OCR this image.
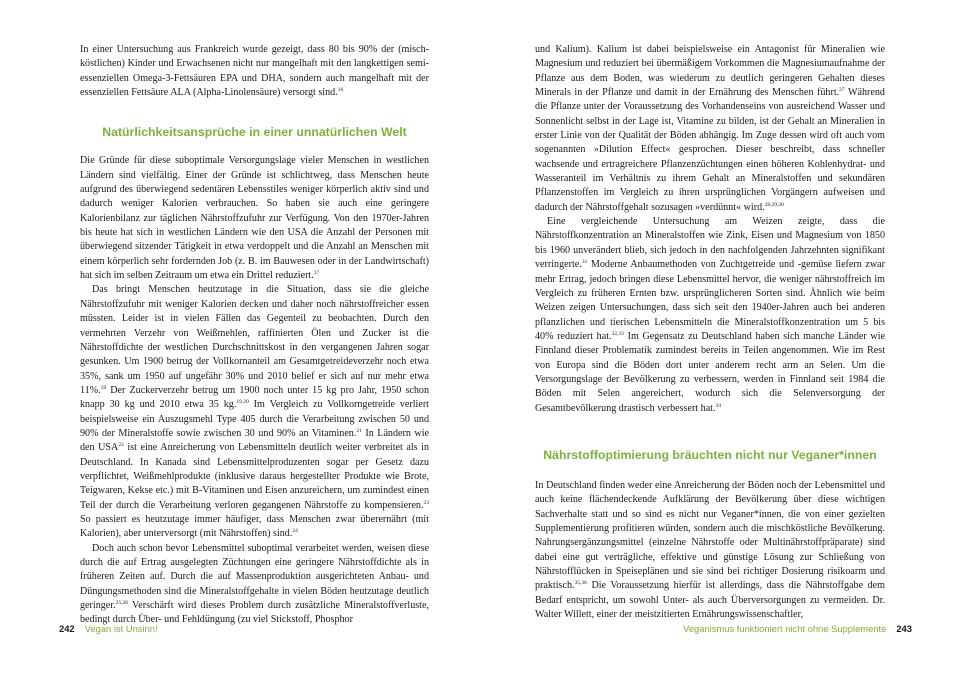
In einer Untersuchung aus Frankreich wurde gezeigt, dass 80 bis 90% der (misch-köstlichen) Kinder und Erwachsenen nicht nur mangelhaft mit den langkettigen semi-essenziellen Omega-3-Fettsäuren EPA und DHA, sondern auch mangelhaft mit der essenziellen Fettsäure ALA (Alpha-Linolensäure) versorgt sind.$^{16}$

Natürlichkeitsansprüche in einer unnatürlichen Welt

Die Gründe für diese suboptimale Versorgungslage vieler Menschen in westlichen Ländern sind vielfältig. Einer der Gründe ist schlichtweg, dass Menschen heute aufgrund des überwiegend sedentären Lebensstiles weniger körperlich aktiv sind und dadurch weniger Kalorien verbrauchen. So haben sie auch eine geringere Kalorienbilanz zur täglichen Nährstoffzufuhr zur Verfügung. Von den 1970er-Jahren bis heute hat sich in westlichen Ländern wie den USA die Anzahl der Personen mit überwiegend sitzender Tätigkeit in etwa verdoppelt und die Anzahl an Menschen mit einem körperlich sehr fordernden Job (z. B. im Bauwesen oder in der Landwirtschaft) hat sich im selben Zeitraum um etwa ein Drittel reduziert.$^{17}$

Das bringt Menschen heutzutage in die Situation, dass sie die gleiche Nährstoffzufuhr mit weniger Kalorien decken und daher noch nährstoffreicher essen müssten. Leider ist in vielen Fällen das Gegenteil zu beobachten. Durch den vermehrten Verzehr von Weißmehlen, raffinierten Ölen und Zucker ist die Nährstoffdichte der westlichen Durchschnittskost in den vergangenen Jahren sogar gesunken. Um 1900 betrug der Vollkornanteil am Gesamtgetreideverzehr noch etwa 35%, sank um 1950 auf ungefähr 30% und 2010 belief er sich auf nur mehr etwa 11%.$^{18}$ Der Zuckerverzehr betrug um 1900 noch unter 15 kg pro Jahr, 1950 schon knapp 30 kg und 2010 etwa 35 kg.$^{19,20}$ Im Vergleich zu Vollkorngetreide verliert beispielsweise ein Auszugsmehl Type 405 durch die Verarbeitung zwischen 50 und 90% der Mineralstoffe sowie zwischen 30 und 90% an Vitaminen.$^{21}$ In Ländern wie den USA$^{22}$ ist eine Anreicherung von Lebensmitteln deutlich weiter verbreitet als in Deutschland. In Kanada sind Lebensmittelproduzenten sogar per Gesetz dazu verpflichtet, Weißmehlprodukte (inklusive daraus hergestellter Produkte wie Brote, Teigwaren, Kekse etc.) mit B-Vitaminen und Eisen anzureichern, um zumindest einen Teil der durch die Verarbeitung verloren gegangenen Nährstoffe zu kompensieren.$^{23}$ So passiert es heutzutage immer häufiger, dass Menschen zwar überernährt (mit Kalorien), aber unterversorgt (mit Nährstoffen) sind.$^{24}$

Doch auch schon bevor Lebensmittel suboptimal verarbeitet werden, weisen diese durch die auf Ertrag ausgelegten Züchtungen eine geringere Nährstoffdichte als in früheren Zeiten auf. Durch die auf Massenproduktion ausgerichteten Anbau- und Düngungsmethoden sind die Mineralstoffgehalte in vielen Böden heutzutage deutlich geringer.$^{25,26}$ Verschärft wird dieses Problem durch zusätzliche Mineralstoffverluste, bedingt durch Über- und Fehldüngung (zu viel Stickstoff, Phosphor

242 Vegan ist Unsinn!

und Kalium). Kalium ist dabei beispielsweise ein Antagonist für Mineralien wie Magnesium und reduziert bei übermäßigem Vorkommen die Magnesiumaufnahme der Pflanze aus dem Boden, was wiederum zu deutlich geringeren Gehalten dieses Minerals in der Pflanze und damit in der Ernährung des Menschen führt.$^{27}$ Während die Pflanze unter der Voraussetzung des Vorhandenseins von ausreichend Wasser und Sonnenlicht selbst in der Lage ist, Vitamine zu bilden, ist der Gehalt an Mineralien in erster Linie von der Qualität der Böden abhängig. Im Zuge dessen wird oft auch vom sogenannten »Dilution Effect« gesprochen. Dieser beschreibt, dass schneller wachsende und ertragreichere Pflanzenzüchtungen einen höheren Kohlenhydrat- und Wasseranteil im Verhältnis zu ihrem Gehalt an Mineralstoffen und sekundären Pflanzenstoffen im Vergleich zu ihren ursprünglichen Vorgängern aufweisen und dadurch der Nährstoffgehalt sozusagen »verdünnt« wird.$^{28,29,30}$

Eine vergleichende Untersuchung am Weizen zeigte, dass die Nährstoffkonzentration an Mineralstoffen wie Zink, Eisen und Magnesium von 1850 bis 1960 unverändert blieb, sich jedoch in den nachfolgenden Jahrzehnten signifikant verringerte.$^{31}$ Moderne Anbaumethoden von Zuchtgetreide und -gemüse liefern zwar mehr Ertrag, jedoch bringen diese Lebensmittel hervor, die weniger nährstoffreich im Vergleich zu früheren Ernten bzw. ursprünglicheren Sorten sind. Ähnlich wie beim Weizen zeigen Untersuchungen, dass sich seit den 1940er-Jahren auch bei anderen pflanzlichen und tierischen Lebensmitteln die Mineralstoffkonzentration um 5 bis 40% reduziert hat.$^{32,33}$ Im Gegensatz zu Deutschland haben sich manche Länder wie Finnland dieser Problematik zumindest bereits in Teilen angenommen. Wie im Rest von Europa sind die Böden dort unter anderem recht arm an Selen. Um die Versorgungslage der Bevölkerung zu verbessern, werden in Finnland seit 1984 die Böden mit Selen angereichert, wodurch sich die Selenversorgung der Gesamtbevölkerung drastisch verbessert hat.$^{34}$

Nährstoffoptimierung bräuchten nicht nur Veganer*innen

In Deutschland finden weder eine Anreicherung der Böden noch der Lebensmittel und auch keine flächendeckende Aufklärung der Bevölkerung über diese wichtigen Sachverhalte statt und so sind es nicht nur Veganer*innen, die von einer gezielten Supplementierung profitieren würden, sondern auch die mischköstliche Bevölkerung. Nahrungsergänzungsmittel (einzelne Nährstoffe oder Multinährstoffpräparate) sind dabei eine gut verträgliche, effektive und günstige Lösung zur Schließung von Nährstofflücken in Speiseplänen und sie sind bei richtiger Dosierung risikoarm und praktisch.$^{35,36}$ Die Voraussetzung hierfür ist allerdings, dass die Nährstoffgabe dem Bedarf entspricht, um sowohl Unter- als auch Überversorgungen zu vermeiden. Dr. Walter Willett, einer der meistzitierten Ernährungswissenschaftler,

Veganismus funktioniert nicht ohne Supplemente 243
